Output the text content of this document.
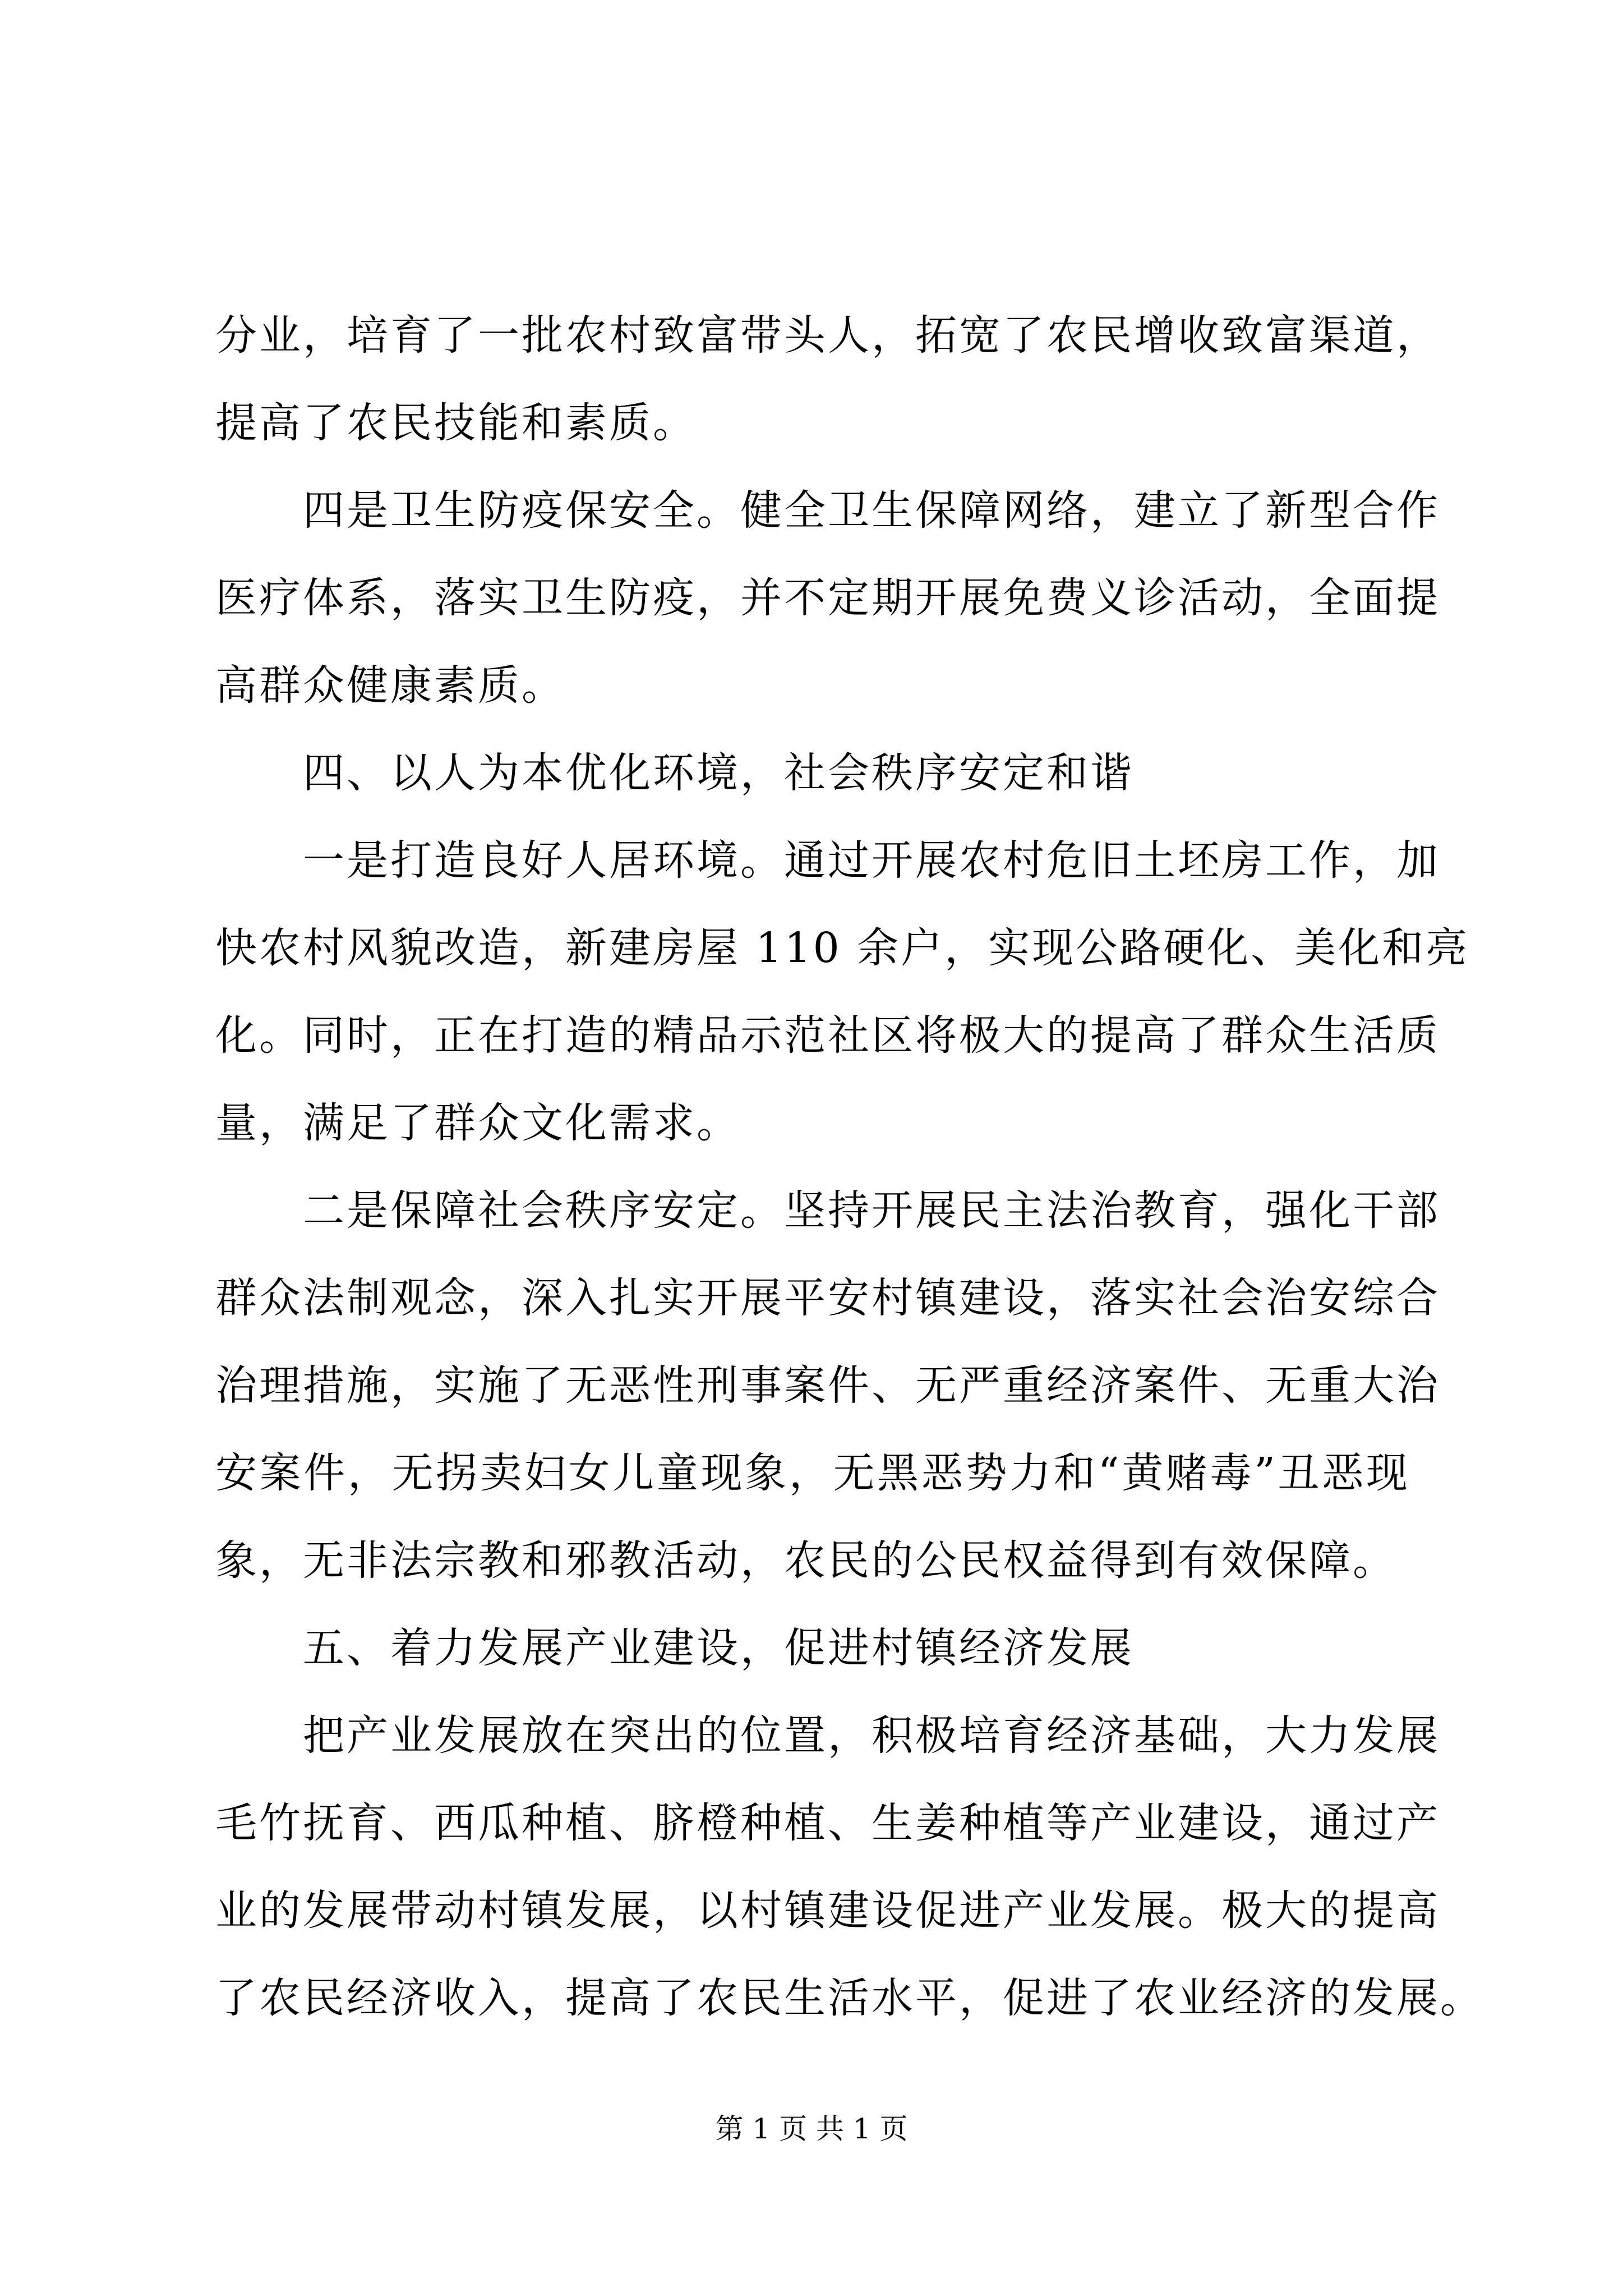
分业，培育了一批农村致富带头人，拓宽了农民增收致富渠道，
提高了农民技能和素质。
四是卫生防疫保安全。健全卫生保障网络，建立了新型合作
医疗体系，落实卫生防疫，并不定期开展免费义诊活动，全面提
高群众健康素质。
四、以人为本优化环境，社会秩序安定和谐
一是打造良好人居环境。通过开展农村危旧土坯房工作，加
快农村风貌改造，新建房屋 110 余户，实现公路硬化、美化和亮
化。同时，正在打造的精品示范社区将极大的提高了群众生活质
量，满足了群众文化需求。
二是保障社会秩序安定。坚持开展民主法治教育，强化干部
群众法制观念，深入扎实开展平安村镇建设，落实社会治安综合
治理措施，实施了无恶性刑事案件、无严重经济案件、无重大治
安案件，无拐卖妇女儿童现象，无黑恶势力和“黄赌毒”丑恶现
象，无非法宗教和邪教活动，农民的公民权益得到有效保障。
五、着力发展产业建设，促进村镇经济发展
把产业发展放在突出的位置，积极培育经济基础，大力发展
毛竹抚育、西瓜种植、脐橙种植、生姜种植等产业建设，通过产
业的发展带动村镇发展，以村镇建设促进产业发展。极大的提高
了农民经济收入，提高了农民生活水平，促进了农业经济的发展。
第 1 页 共 1 页
